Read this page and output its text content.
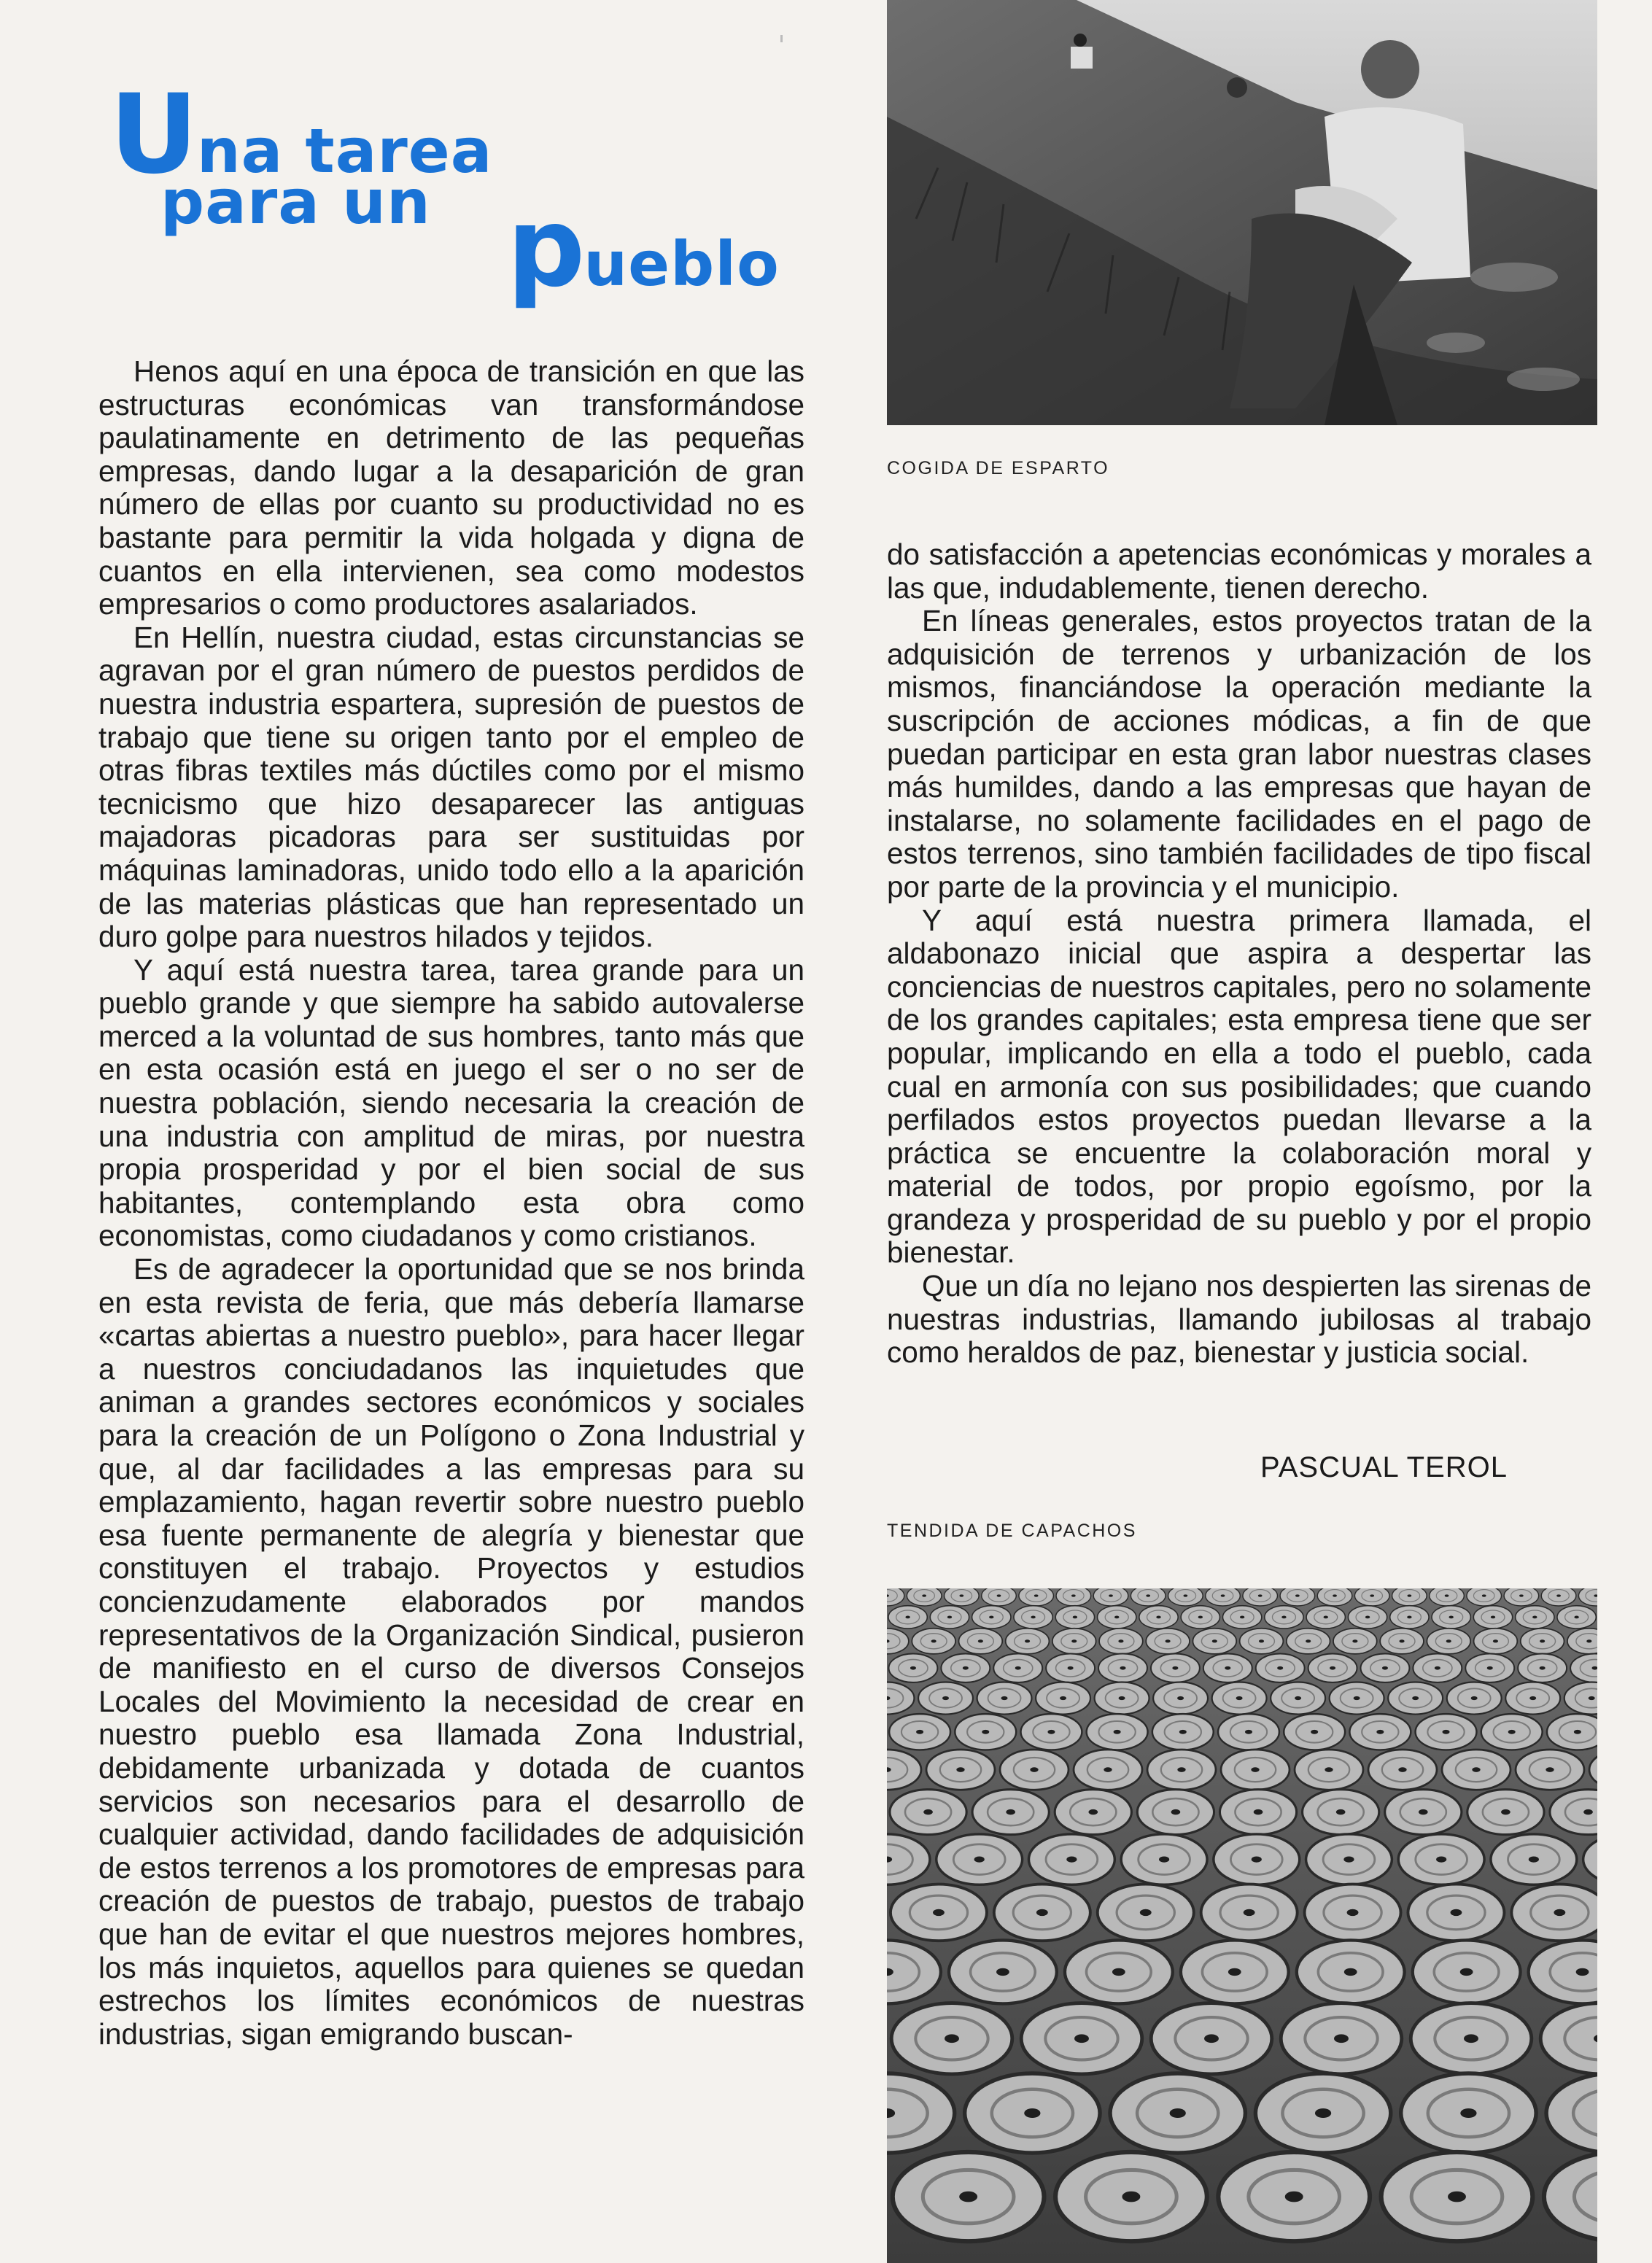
Una tarea
para un pueblo

Henos aquí en una época de transición en que las estructuras económicas van transformándose paulatinamente en detrimento de las pequeñas empresas, dando lugar a la desaparición de gran número de ellas por cuanto su productividad no es bastante para permitir la vida holgada y digna de cuantos en ella intervienen, sea como modestos empresarios o como productores asalariados.

En Hellín, nuestra ciudad, estas circunstancias se agravan por el gran número de puestos perdidos de nuestra industria espartera, supresión de puestos de trabajo que tiene su origen tanto por el empleo de otras fibras textiles más dúctiles como por el mismo tecnicismo que hizo desaparecer las antiguas majadoras picadoras para ser sustituidas por máquinas laminadoras, unido todo ello a la aparición de las materias plásticas que han representado un duro golpe para nuestros hilados y tejidos.

Y aquí está nuestra tarea, tarea grande para un pueblo grande y que siempre ha sabido autovalerse merced a la voluntad de sus hombres, tanto más que en esta ocasión está en juego el ser o no ser de nuestra población, siendo necesaria la creación de una industria con amplitud de miras, por nuestra propia prosperidad y por el bien social de sus habitantes, contemplando esta obra como economistas, como ciudadanos y como cristianos.

Es de agradecer la oportunidad que se nos brinda en esta revista de feria, que más debería llamarse «cartas abiertas a nuestro pueblo», para hacer llegar a nuestros conciudadanos las inquietudes que animan a grandes sectores económicos y sociales para la creación de un Polígono o Zona Industrial y que, al dar facilidades a las empresas para su emplazamiento, hagan revertir sobre nuestro pueblo esa fuente permanente de alegría y bienestar que constituyen el trabajo. Proyectos y estudios concienzudamente elaborados por mandos representativos de la Organización Sindical, pusieron de manifiesto en el curso de diversos Consejos Locales del Movimiento la necesidad de crear en nuestro pueblo esa llamada Zona Industrial, debidamente urbanizada y dotada de cuantos servicios son necesarios para el desarrollo de cualquier actividad, dando facilidades de adquisición de estos terrenos a los promotores de empresas para creación de puestos de trabajo, puestos de trabajo que han de evitar el que nuestros mejores hombres, los más inquietos, aquellos para quienes se quedan estrechos los límites económicos de nuestras industrias, sigan emigrando buscan-

COGIDA DE ESPARTO

do satisfacción a apetencias económicas y morales a las que, indudablemente, tienen derecho.

En líneas generales, estos proyectos tratan de la adquisición de terrenos y urbanización de los mismos, financiándose la operación mediante la suscripción de acciones módicas, a fin de que puedan participar en esta gran labor nuestras clases más humildes, dando a las empresas que hayan de instalarse, no solamente facilidades en el pago de estos terrenos, sino también facilidades de tipo fiscal por parte de la provincia y el municipio.

Y aquí está nuestra primera llamada, el aldabonazo inicial que aspira a despertar las conciencias de nuestros capitales, pero no solamente de los grandes capitales; esta empresa tiene que ser popular, implicando en ella a todo el pueblo, cada cual en armonía con sus posibilidades; que cuando perfilados estos proyectos puedan llevarse a la práctica se encuentre la colaboración moral y material de todos, por propio egoísmo, por la grandeza y prosperidad de su pueblo y por el propio bienestar.

Que un día no lejano nos despierten las sirenas de nuestras industrias, llamando jubilosas al trabajo como heraldos de paz, bienestar y justicia social.

PASCUAL TEROL
TENDIDA DE CAPACHOS
